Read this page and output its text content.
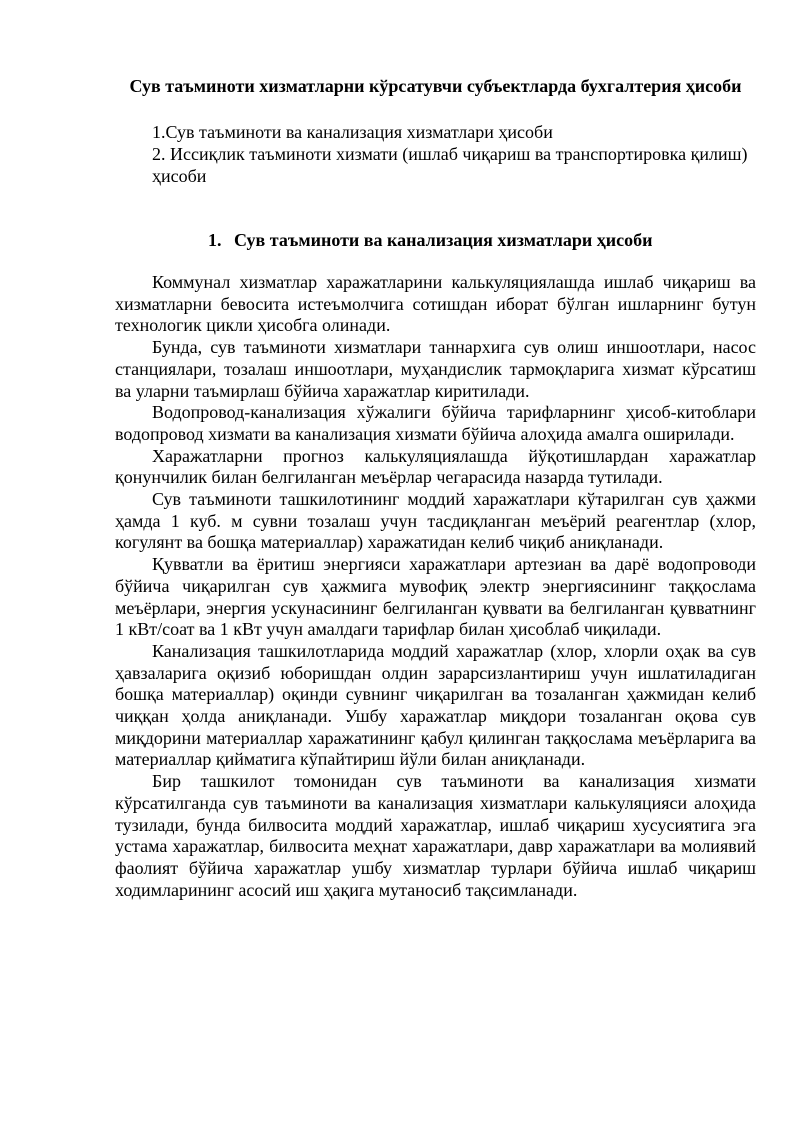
Сув таъминоти хизматларни кўрсатувчи субъектларда бухгалтерия ҳисоби

1.Сув таъминоти ва канализация хизматлари ҳисоби

2. Иссиқлик таъминоти хизмати (ишлаб чиқариш ва транспортировка қилиш) ҳисоби

1. Сув таъминоти ва канализация хизматлари ҳисоби

Коммунал хизматлар харажатларини калькуляциялашда ишлаб чиқариш ва хизматларни бевосита истеъмолчига сотишдан иборат бўлган ишларнинг бутун технологик цикли ҳисобга олинади.

Бунда, сув таъминоти хизматлари таннархига сув олиш иншоотлари, насос станциялари, тозалаш иншоотлари, муҳандислик тармоқларига хизмат кўрсатиш ва уларни таъмирлаш бўйича харажатлар киритилади.

Водопровод-канализация хўжалиги бўйича тарифларнинг ҳисоб-китоблари водопровод хизмати ва канализация хизмати бўйича алоҳида амалга оширилади.

Харажатларни прогноз калькуляциялашда йўқотишлардан харажатлар қонунчилик билан белгиланган меъёрлар чегарасида назарда тутилади.

Сув таъминоти ташкилотининг моддий харажатлари кўтарилган сув ҳажми ҳамда 1 куб. м сувни тозалаш учун тасдиқланган меъёрий реагентлар (хлор, когулянт ва бошқа материаллар) харажатидан келиб чиқиб аниқланади.

Қувватли ва ёритиш энергияси харажатлари артезиан ва дарё водопроводи бўйича чиқарилган сув ҳажмига мувофиқ электр энергиясининг таққослама меъёрлари, энергия ускунасининг белгиланган қуввати ва белгиланган қувватнинг 1 кВт/соат ва 1 кВт учун амалдаги тарифлар билан ҳисоблаб чиқилади.

Канализация ташкилотларида моддий харажатлар (хлор, хлорли оҳак ва сув ҳавзаларига оқизиб юборишдан олдин зарарсизлантириш учун ишлатиладиган бошқа материаллар) оқинди сувнинг чиқарилган ва тозаланган ҳажмидан келиб чиққан ҳолда аниқланади. Ушбу харажатлар миқдори тозаланган оқова сув миқдорини материаллар харажатининг қабул қилинган таққослама меъёрларига ва материаллар қийматига кўпайтириш йўли билан аниқланади.

Бир ташкилот томонидан сув таъминоти ва канализация хизмати кўрсатилганда сув таъминоти ва канализация хизматлари калькуляцияси алоҳида тузилади, бунда билвосита моддий харажатлар, ишлаб чиқариш хусусиятига эга устама харажатлар, билвосита меҳнат харажатлари, давр харажатлари ва молиявий фаолият бўйича харажатлар ушбу хизматлар турлари бўйича ишлаб чиқариш ходимларининг асосий иш ҳақига мутаносиб тақсимланади.
